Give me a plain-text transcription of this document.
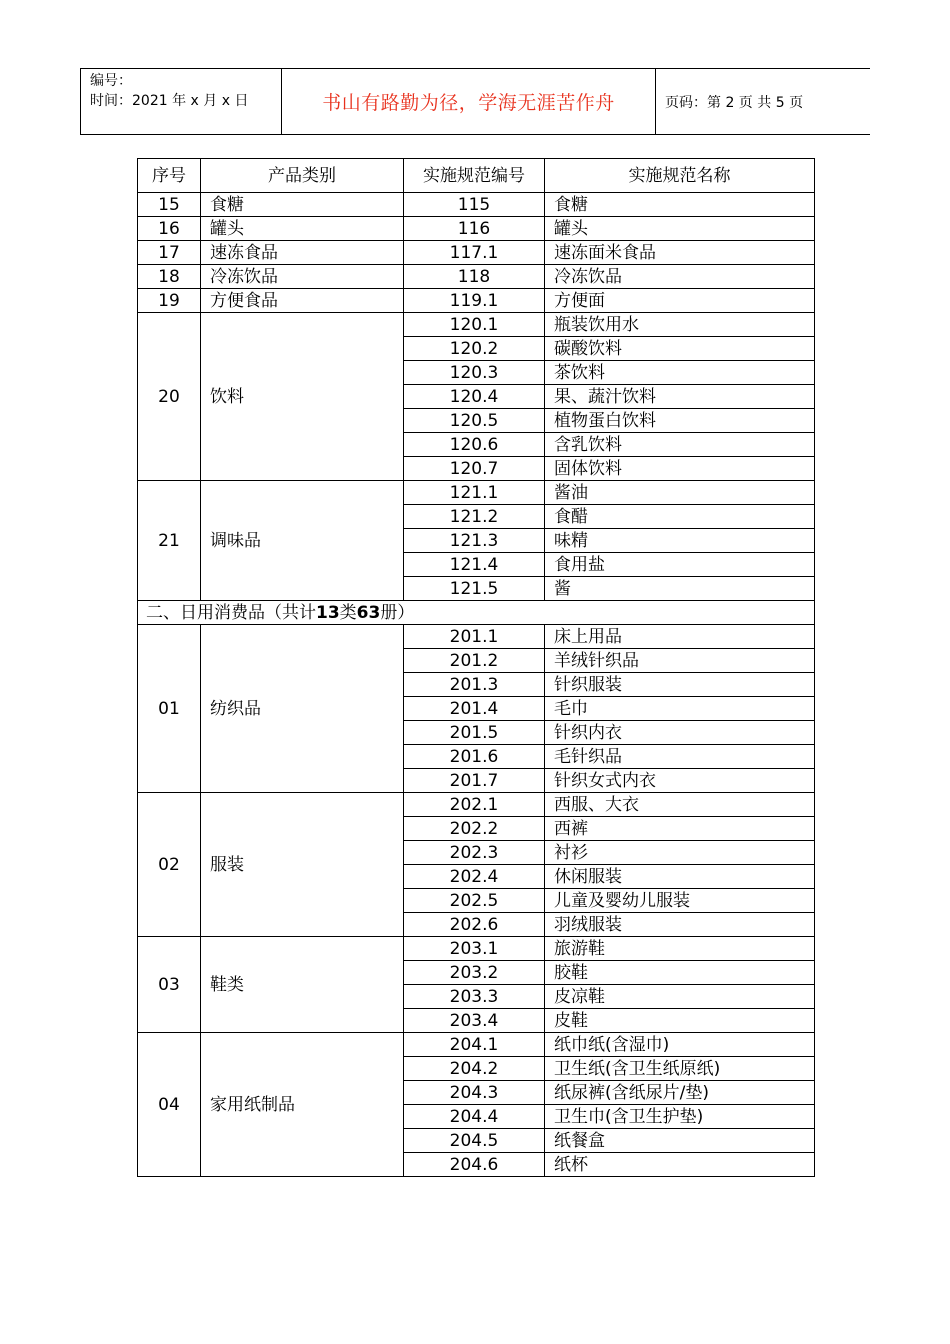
编号：
时间：2021 年 x 月 x 日	书山有路勤为径，学海无涯苦作舟	页码：第 2 页 共 5 页
序号	产品类别	实施规范编号	实施规范名称
15	食糖	115	食糖
16	罐头	116	罐头
17	速冻食品	117.1	速冻面米食品
18	冷冻饮品	118	冷冻饮品
19	方便食品	119.1	方便面
20	饮料	120.1	瓶装饮用水
		120.2	碳酸饮料
		120.3	茶饮料
		120.4	果、蔬汁饮料
		120.5	植物蛋白饮料
		120.6	含乳饮料
		120.7	固体饮料
21	调味品	121.1	酱油
		121.2	食醋
		121.3	味精
		121.4	食用盐
		121.5	酱
二、日用消费品（共计13类63册）			
01	纺织品	201.1	床上用品
		201.2	羊绒针织品
		201.3	针织服装
		201.4	毛巾
		201.5	针织内衣
		201.6	毛针织品
		201.7	针织女式内衣
02	服装	202.1	西服、大衣
		202.2	西裤
		202.3	衬衫
		202.4	休闲服装
		202.5	儿童及婴幼儿服装
		202.6	羽绒服装
03	鞋类	203.1	旅游鞋
		203.2	胶鞋
		203.3	皮凉鞋
		203.4	皮鞋
04	家用纸制品	204.1	纸巾纸(含湿巾)
		204.2	卫生纸(含卫生纸原纸)
		204.3	纸尿裤(含纸尿片/垫)
		204.4	卫生巾(含卫生护垫)
		204.5	纸餐盒
		204.6	纸杯
